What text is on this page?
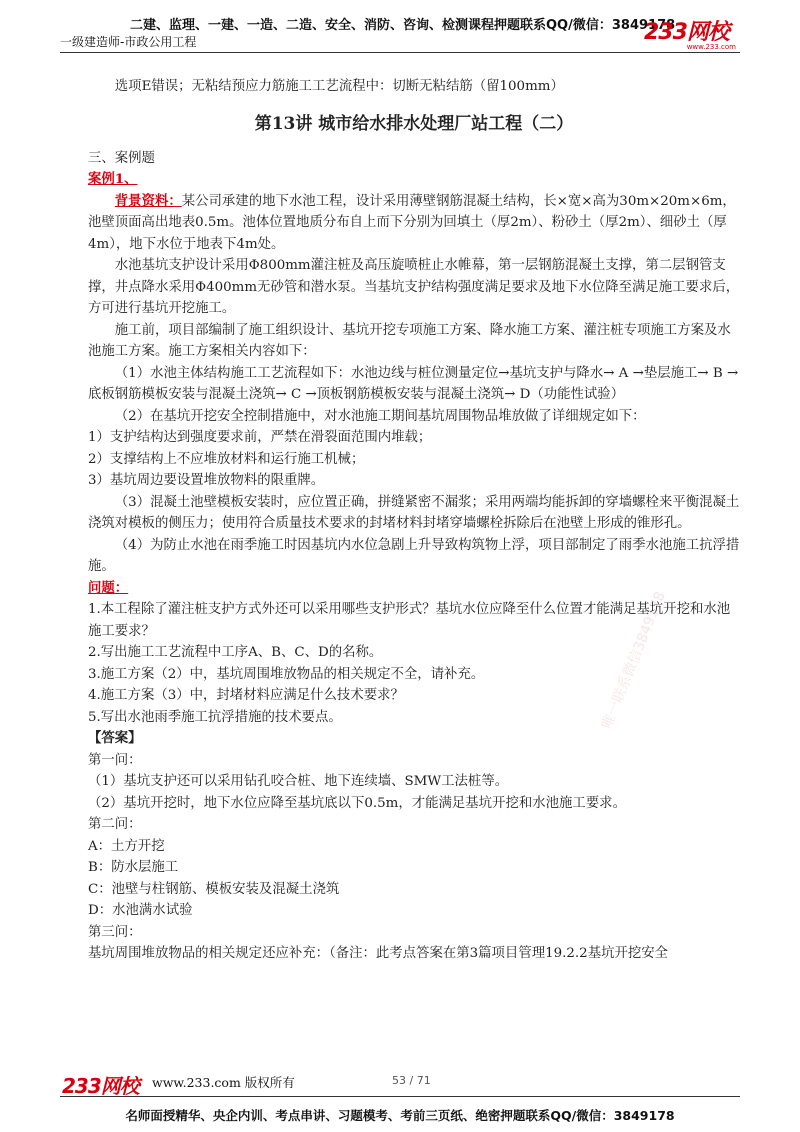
二建、监理、一建、一造、二造、安全、消防、咨询、检测课程押题联系QQ/微信：3849178
一级建造师-市政公用工程	233网校
www.233.com
唯一联系微信3849178

选项E错误；无粘结预应力筋施工工艺流程中：切断无粘结筋（留100mm）

第13讲 城市给水排水处理厂站工程（二）

三、案例题

案例1、

背景资料：某公司承建的地下水池工程，设计采用薄壁钢筋混凝土结构，长×宽×高为30m×20m×6m，池壁顶面高出地表0.5m。池体位置地质分布自上而下分别为回填土（厚2m）、粉砂土（厚2m）、细砂土（厚4m），地下水位于地表下4m处。

水池基坑支护设计采用Φ800mm灌注桩及高压旋喷桩止水帷幕，第一层钢筋混凝土支撑，第二层钢管支撑，井点降水采用Φ400mm无砂管和潜水泵。当基坑支护结构强度满足要求及地下水位降至满足施工要求后，方可进行基坑开挖施工。

施工前，项目部编制了施工组织设计、基坑开挖专项施工方案、降水施工方案、灌注桩专项施工方案及水池施工方案。施工方案相关内容如下：

（1）水池主体结构施工工艺流程如下：水池边线与桩位测量定位→基坑支护与降水→ A →垫层施工→ B →底板钢筋模板安装与混凝土浇筑→ C →顶板钢筋模板安装与混凝土浇筑→ D（功能性试验）

（2）在基坑开挖安全控制措施中，对水池施工期间基坑周围物品堆放做了详细规定如下：

1）支护结构达到强度要求前，严禁在滑裂面范围内堆载；

2）支撑结构上不应堆放材料和运行施工机械；

3）基坑周边要设置堆放物料的限重牌。

（3）混凝土池壁模板安装时，应位置正确，拼缝紧密不漏浆；采用两端均能拆卸的穿墙螺栓来平衡混凝土浇筑对模板的侧压力；使用符合质量技术要求的封堵材料封堵穿墙螺栓拆除后在池壁上形成的锥形孔。

（4）为防止水池在雨季施工时因基坑内水位急剧上升导致构筑物上浮，项目部制定了雨季水池施工抗浮措施。

问题：

1.本工程除了灌注桩支护方式外还可以采用哪些支护形式？基坑水位应降至什么位置才能满足基坑开挖和水池施工要求？

2.写出施工工艺流程中工序A、B、C、D的名称。

3.施工方案（2）中，基坑周围堆放物品的相关规定不全，请补充。

4.施工方案（3）中，封堵材料应满足什么技术要求？

5.写出水池雨季施工抗浮措施的技术要点。

【答案】

第一问：

（1）基坑支护还可以采用钻孔咬合桩、地下连续墙、SMW工法桩等。

（2）基坑开挖时，地下水位应降至基坑底以下0.5m，才能满足基坑开挖和水池施工要求。

第二问：

A：土方开挖

B：防水层施工

C：池壁与柱钢筋、模板安装及混凝土浇筑

D：水池满水试验

第三问：

基坑周围堆放物品的相关规定还应补充：（备注：此考点答案在第3篇项目管理19.2.2基坑开挖安全

233网校 www.233.com 版权所有	53 / 71
名师面授精华、央企内训、考点串讲、习题模考、考前三页纸、绝密押题联系QQ/微信：3849178
